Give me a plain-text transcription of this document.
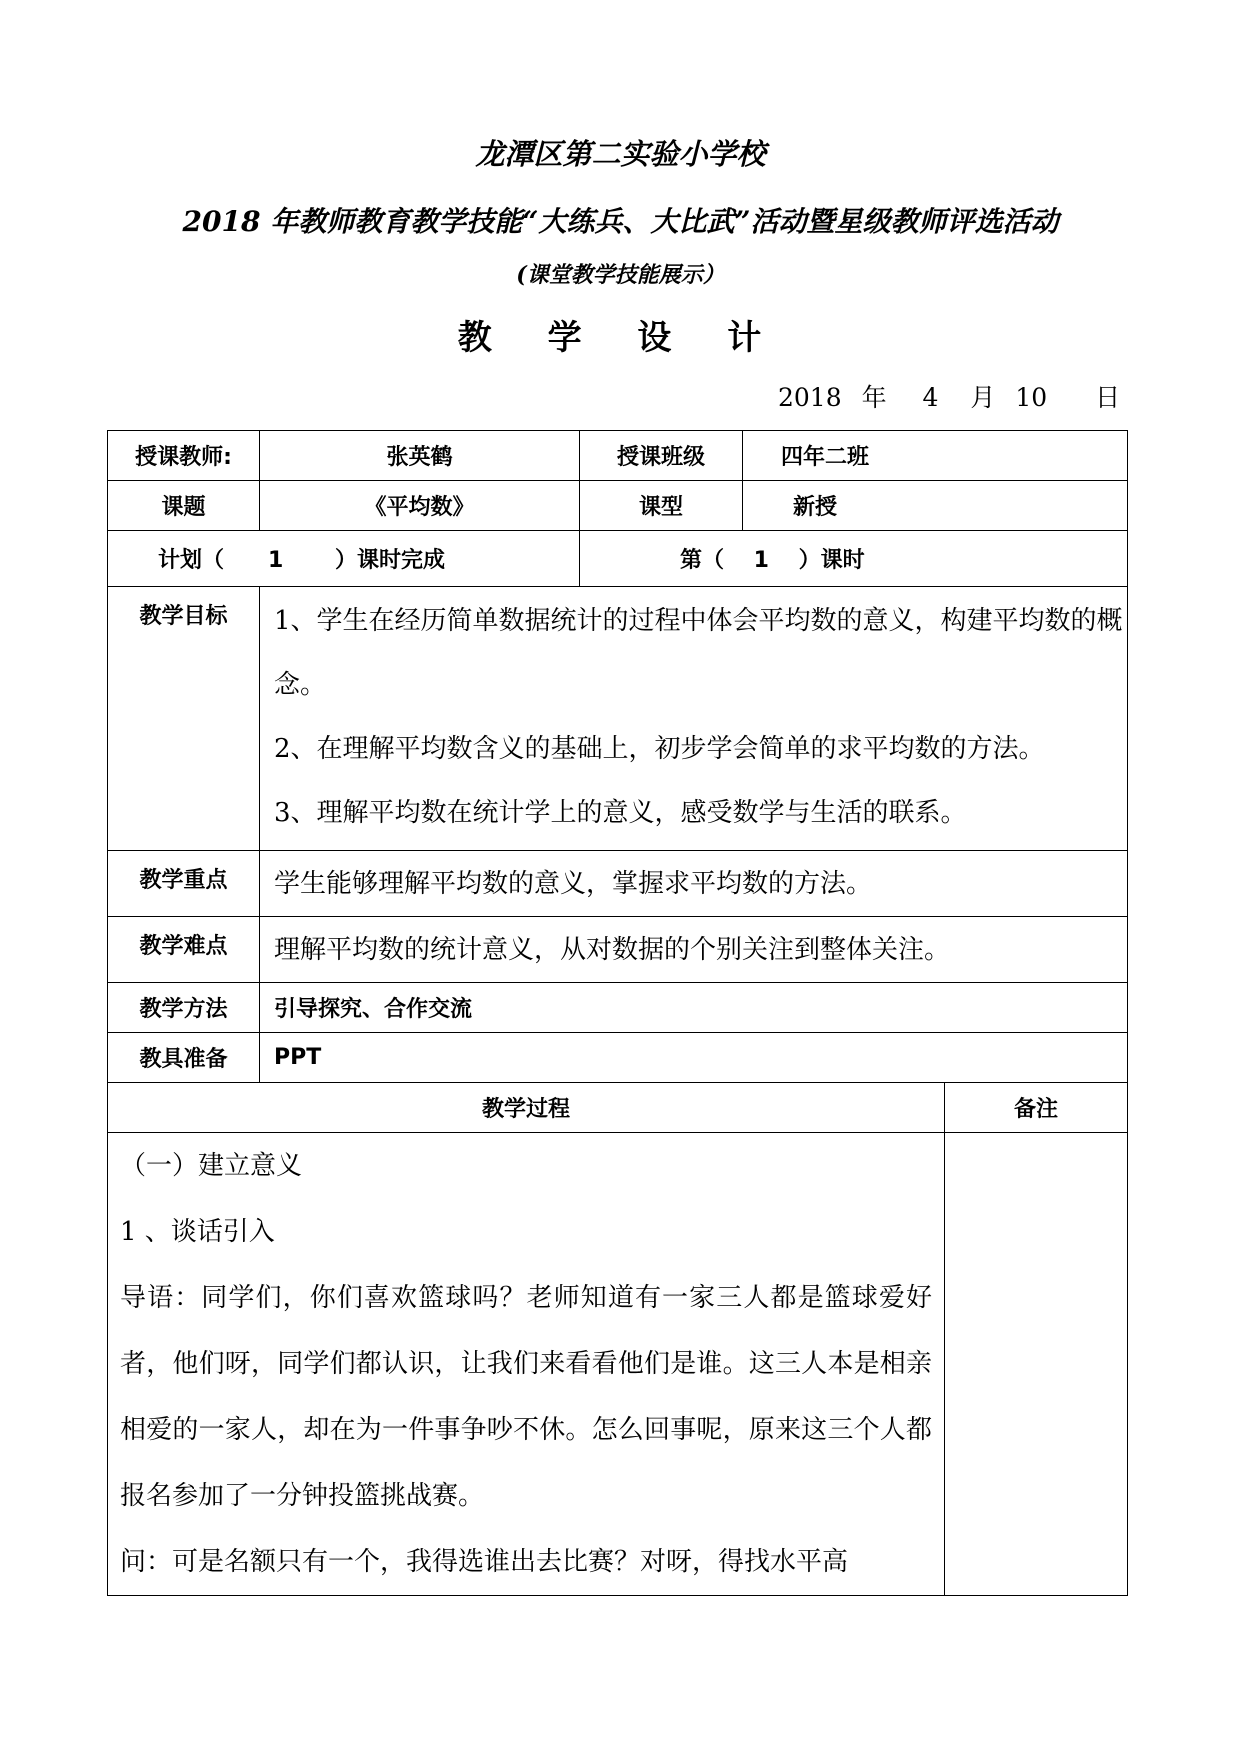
龙潭区第二实验小学校
2018 年教师教育教学技能“大练兵、大比武”活动暨星级教师评选活动
(课堂教学技能展示）
教 学 设 计
2018 年 4 月 10 日
授课教师:	张英鹤	授课班级	四年二班	
课题	《平均数》	课型	新授	
计划（　　1　　 ）课时完成		第（　 1　 ）课时		
教学目标	1、学生在经历简单数据统计的过程中体会平均数的意义，构建平均数的概念。
2、在理解平均数含义的基础上，初步学会简单的求平均数的方法。
3、理解平均数在统计学上的意义，感受数学与生活的联系。			

教学重点	学生能够理解平均数的意义，掌握求平均数的方法。			
教学难点	理解平均数的统计意义，从对数据的个别关注到整体关注。			
教学方法	引导探究、合作交流			
教具准备	PPT			
教学过程				备注

（一）建立意义
1 、谈话引入
导语：同学们，你们喜欢篮球吗？老师知道有一家三人都是篮球爱好者，他们呀，同学们都认识，让我们来看看他们是谁。这三人本是相亲相爱的一家人，却在为一件事争吵不休。怎么回事呢，原来这三个人都报名参加了一分钟投篮挑战赛。
问：可是名额只有一个，我得选谁出去比赛？对呀，得找水平高				
